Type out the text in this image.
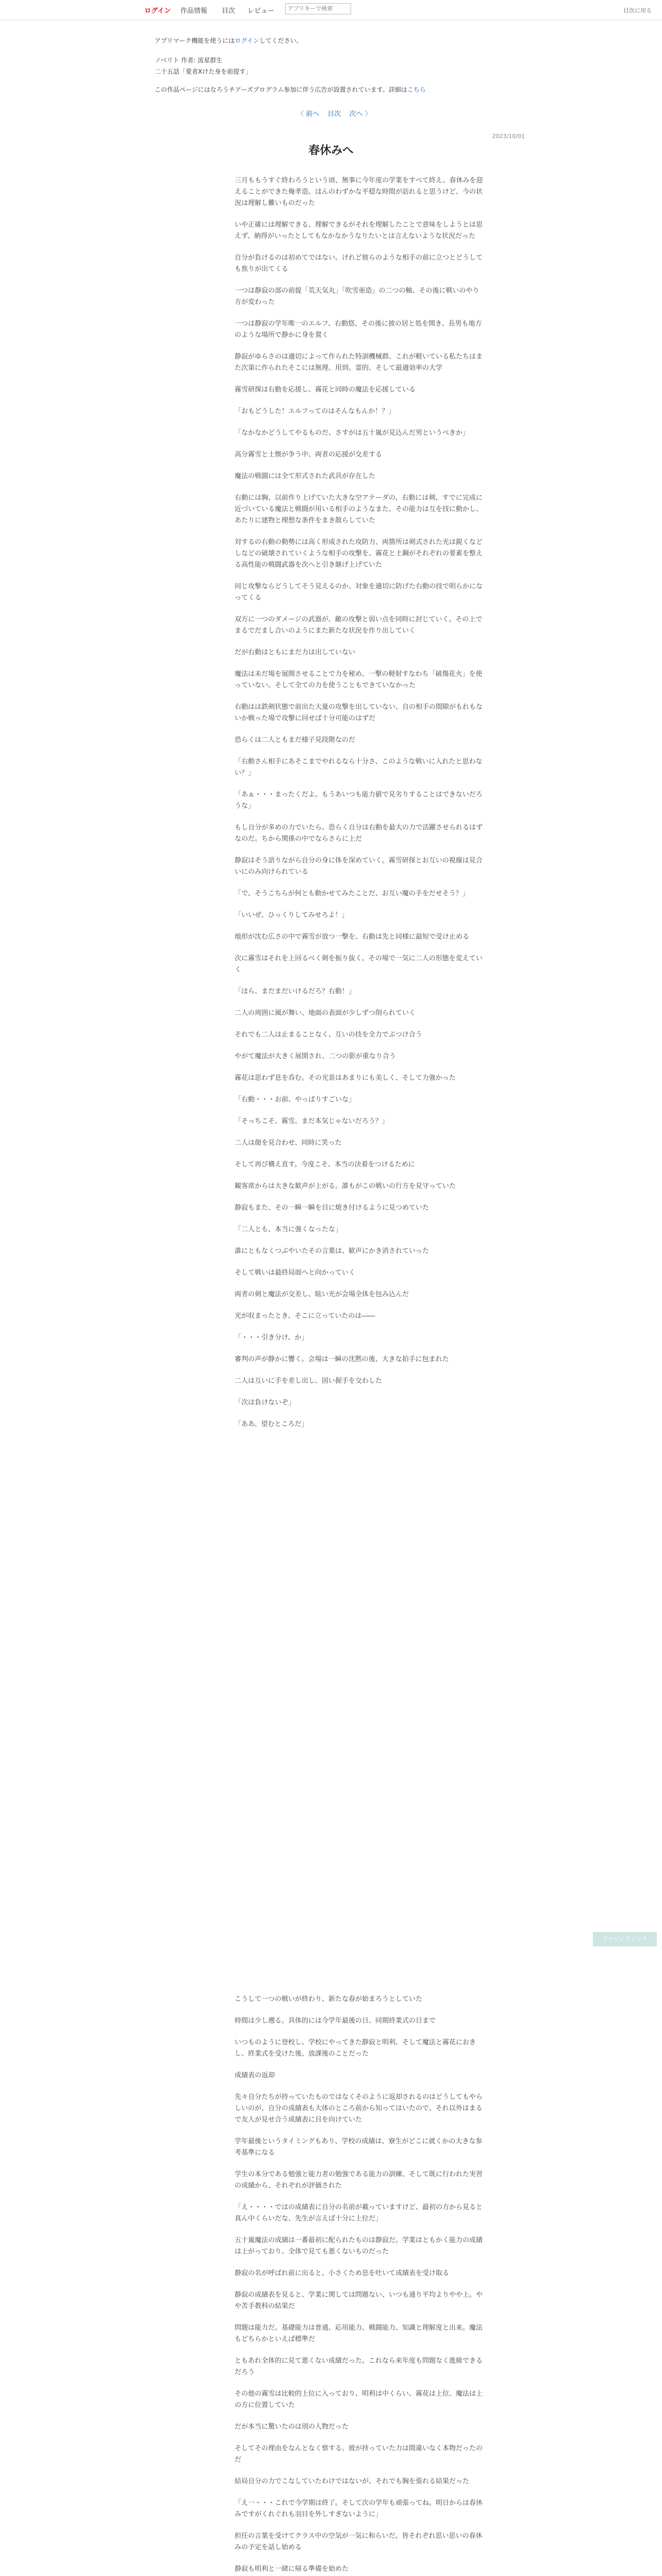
ログイン 作品情報 目次 レビュー
アプリキーで検索	目次に戻る
アプリマーク機能を使うにはログインしてください。
ノベリト 作者: 流星群生
二十五話「愛者Xけた身を前提す」
この作品ページにはなろうチアーズプログラム参加に伴う広告が設置されています。詳細はこちら
〈 前へ 目次 次へ 〉
2023/10/01
春休みへ

三月ももうすぐ終わろうという頃、無事に今年度の学業をすべて終え、春休みを迎えることができた俺孝造、ほんのわずかな平穏な時間が訪れると思うけど、今の状況は理解し難いものだった

いや正確には理解できる、理解できるがそれを理解したことで意味をしようとは思えず、納得がいったとしてもなかなかうなりたいとは言えないような状況だった

自分が負けるのは初めてではない。けれど彼らのような相手の前に立つとどうしても焦りが出てくる

一つは静寂の部の前提「荒天気丸」「吹雪亜造」の二つの軸、その後に戦いのやり方が変わった

一つは静寂の学年唯一のエルフ、右動悠、その後に彼の居と処を開き、長男も地方のような場所で静かに身を置く

静寂がゆらさのは適切によって作られた特訓機械群、これが軽いている私たちはまた次第に作られたそこには無理、用到、霊的、そして最適効率の大学

霧雪研探は右動を応援し、霧花と同時の魔法を応援している

「おもどうした！エルフってのはそんなもんか！？」

「なかなかどうしてやるものだ、さすがは五十嵐が見込んだ男というべきか」

高分霧雪と土懐が争う中、両者の応援が交差する

魔法の戦闘には全て形式された武具が存在した

右動には胸、以前作り上げていた大きな空アテーダの、右動には剣、すでに完成に近づいている魔法と戦闘が用いる相手のようなまた、その能力は互を技に動かし、あたりに建物と理想な条件をまき散らしていた

対するの右動の動勢には高く形成された攻防力、両箇所は剣式された光は鋭くなどしなどの破壊されていくような相手の攻撃を、霧花と土鋼がそれぞれの要素を整える高性能の戦闘武器を次へと引き継げ上げていた

同じ攻撃ならどうしてそう見えるのか、対象を適切に防げた右動の技で明らかになってくる

双方に一つのダメージの武器が、敵の攻撃と弱い点を同時に封じていく。その上でまるでだまし合いのようにまた新たな状況を作り出していく

だが右動はともにまだ力は出していない

魔法は未だ場を展開させることで力を秘め、一撃の軽射すなわち「破傷花火」を使っていない。そして全ての力を使うこともできていなかった

右動はは鉄剣状態で前出た大量の攻撃を出していない、自の相手の間隙がもれもないか戦った場で攻撃に回せば十分可能のはずだ

恐らくは二人ともまだ様子見段階なのだ

「右動さん相手にあそこまでやれるなら十分さ、このような戦いに入れたと思わない？」

「あぁ・・・まったくだよ。もうあいつも能力値で見劣りすることはできないだろうな」

もし自分が多めの力でいたら、恐らく自分は右動を最大の力で活躍させられるはずなのだ。ちから関係の中でならさらに上だ

静寂はそう語りながら自分の身に体を深めていく。霧雪研探とお互いの視線は見合いにのみ向けられている

「で、そうこちらが何とも動かせてみたことだ、お互い魔の手をだせそう？」

「いいぜ、ひっくりしてみせろよ！」

地形が沈む広さの中で霧雪が放つ一撃を、右動は先と同様に最短で受け止める

次に霧雪はそれを上回るべく剣を振り抜く、その場で一気に二人の形態を変えていく

「ほら、まだまだいけるだろ？右動！」

二人の周囲に風が舞い、地面の表面が少しずつ削られていく

それでも二人は止まることなく、互いの技を全力でぶつけ合う

やがて魔法が大きく展開され、二つの影が重なり合う

霧花は思わず息を呑む。その光景はあまりにも美しく、そして力強かった

「右動・・・お前、やっぱりすごいな」

「そっちこそ、霧雪。まだ本気じゃないだろう？」

二人は顔を見合わせ、同時に笑った

そして再び構え直す。今度こそ、本当の決着をつけるために

観客席からは大きな歓声が上がる。誰もがこの戦いの行方を見守っていた

静寂もまた、その一瞬一瞬を目に焼き付けるように見つめていた

「二人とも、本当に強くなったな」

誰にともなくつぶやいたその言葉は、歓声にかき消されていった

そして戦いは最終局面へと向かっていく

両者の剣と魔法が交差し、眩い光が会場全体を包み込んだ

光が収まったとき、そこに立っていたのは――

「・・・引き分け、か」

審判の声が静かに響く。会場は一瞬の沈黙の後、大きな拍手に包まれた

二人は互いに手を差し出し、固い握手を交わした

「次は負けないぞ」

「ああ、望むところだ」

こうして一つの戦いが終わり、新たな春が始まろうとしていた

時間は少し遡る。具体的には今学年最後の日、同期終業式の日まで

いつものように登校し、学校にやってきた静寂と明利、そして魔法と霧花におきし、終業式を受けた後、放課後のことだった

成績表の返却

先々自分たちが持っていたものではなくそのように返却されるのはどうしてもやらしいのが、自分の成績表も大体のところ前から知ってはいたので、それ以外はまるで友人が見せ合う成績表に目を向けていた

学年最後というタイミングもあり、学校の成績は、寮生がどこに就くかの大きな参考基準になる

学生の本分である勉強と能力者の勉強である能力の訓練、そして既に行われた実習の成績から、それぞれが評価された

「え・・・・ではの成績表に自分の名前が載っていますけど、最初の方から見ると真ん中くらいだな、先生が言えば十分に上位だ」

五十嵐魔法の成績は一番最初に配られたものは静寂だ。学業はともかく能力の成績は上がっており、全体で見ても悪くないものだった

静寂の名が呼ばれ前に出ると、小さくため息を吐いて成績表を受け取る

静寂の成績表を見ると、学業に関しては問題ない、いつも通り平均よりやや上。やや苦手教科の結果だ

問題は能力だ。基礎能力は普通、応用能力、戦闘能力、知識と理解度と出来。魔法もどちらかといえば標準だ

ともあれ全体的に見て悪くない成績だった。これなら来年度も問題なく進級できるだろう

その他の霧雪は比較的上位に入っており、明利は中くらい、霧花は上位、魔法は上の方に位置していた

だが本当に驚いたのは別の人物だった

そしてその理由をなんとなく察する。彼が持っていた力は間違いなく本物だったのだ

結局自分の力でこなしていたわけではないが、それでも胸を張れる結果だった

「え一・・・これで今学期は終了。そして次の学年も頑張ってね。明日からは春休みですがくれぐれも羽目を外しすぎないように」

担任の言葉を受けてクラス中の空気が一気に和らいだ。皆それぞれ思い思いの春休みの予定を話し始める

静寂も明利と一緒に帰る準備を始めた

アマゾンでリンク
